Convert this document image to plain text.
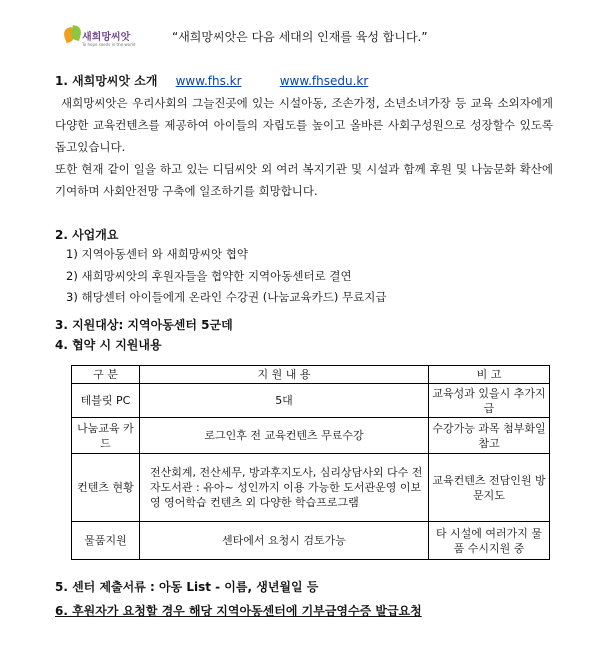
새희망씨앗
To hope seeds in the world
“새희망씨앗은 다음 세대의 인재를 육성 합니다.”
1. 새희망씨앗 소개 www.fhs.kr	www.fhsedu.kr

새희망씨앗은 우리사회의 그늘진곳에 있는 시설아동, 조손가정, 소년소녀가장 등 교육 소외자에게 다양한 교육컨텐츠를 제공하여 아이들의 자립도를 높이고 올바른 사회구성원으로 성장할수 있도록 돕고있습니다.

또한 현재 같이 일을 하고 있는 디딤씨앗 외 여러 복지기관 및 시설과 함께 후원 및 나눔문화 확산에 기여하며 사회안전망 구축에 일조하기를 희망합니다.

2. 사업개요
1) 지역아동센터 와 새희망씨앗 협약
2) 새희망씨앗의 후원자들을 협약한 지역아동센터로 결연
3) 해당센터 아이들에게 온라인 수강권 (나눔교육카드) 무료지급
3. 지원대상: 지역아동센터 5군데
4. 협약 시 지원내용
구 분	지 원 내 용	비 고
테블릿 PC	5대	교육성과 있을시 추가지급
나눔교육 카드	로그인후 전 교육컨텐츠 무료수강	수강가능 과목 첨부화일 참고
컨텐츠 현황	전산회계, 전산세무, 방과후지도사, 심리상담사외 다수 전자도서관 : 유아~ 성인까지 이용 가능한 도서관운영 이보영 영어학습 컨텐츠 외 다양한 학습프로그램	교육컨텐츠 전담인원 방문지도
물품지원	센타에서 요청시 검토가능	타 시설에 여러가지 물품 수시지원 중
5. 센터 제출서류 : 아동 List - 이름, 생년월일 등
6. 후원자가 요청할 경우 해당 지역아동센터에 기부금영수증 발급요청
